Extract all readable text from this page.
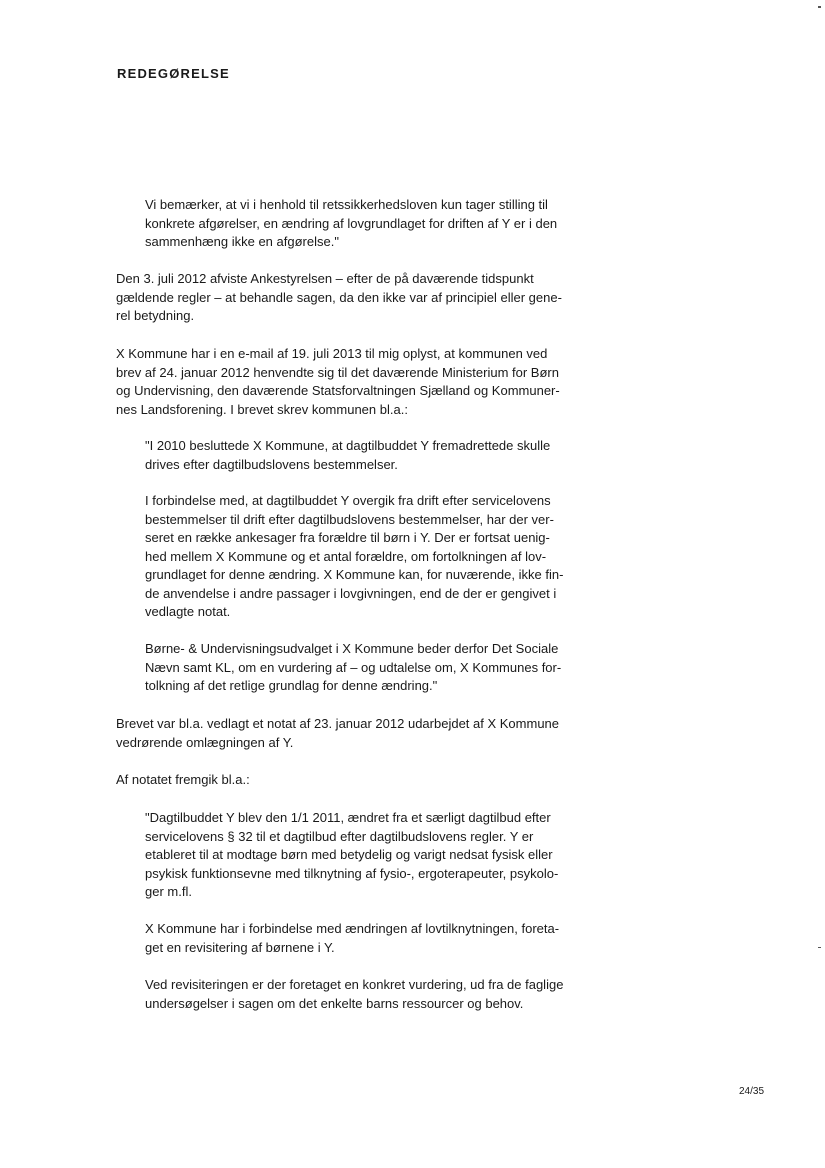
REDEGØRELSE

Vi bemærker, at vi i henhold til retssikkerhedsloven kun tager stilling til
konkrete afgørelser, en ændring af lovgrundlaget for driften af Y er i den
sammenhæng ikke en afgørelse."

Den 3. juli 2012 afviste Ankestyrelsen – efter de på daværende tidspunkt
gældende regler – at behandle sagen, da den ikke var af principiel eller gene-
rel betydning.

X Kommune har i en e-mail af 19. juli 2013 til mig oplyst, at kommunen ved
brev af 24. januar 2012 henvendte sig til det daværende Ministerium for Børn
og Undervisning, den daværende Statsforvaltningen Sjælland og Kommuner-
nes Landsforening. I brevet skrev kommunen bl.a.:

"I 2010 besluttede X Kommune, at dagtilbuddet Y fremadrettede skulle
drives efter dagtilbudslovens bestemmelser.

I forbindelse med, at dagtilbuddet Y overgik fra drift efter servicelovens
bestemmelser til drift efter dagtilbudslovens bestemmelser, har der ver-
seret en række ankesager fra forældre til børn i Y. Der er fortsat uenig-
hed mellem X Kommune og et antal forældre, om fortolkningen af lov-
grundlaget for denne ændring. X Kommune kan, for nuværende, ikke fin-
de anvendelse i andre passager i lovgivningen, end de der er gengivet i
vedlagte notat.

Børne- & Undervisningsudvalget i X Kommune beder derfor Det Sociale
Nævn samt KL, om en vurdering af – og udtalelse om, X Kommunes for-
tolkning af det retlige grundlag for denne ændring."

Brevet var bl.a. vedlagt et notat af 23. januar 2012 udarbejdet af X Kommune
vedrørende omlægningen af Y.

Af notatet fremgik bl.a.:

"Dagtilbuddet Y blev den 1/1 2011, ændret fra et særligt dagtilbud efter
servicelovens § 32 til et dagtilbud efter dagtilbudslovens regler. Y er
etableret til at modtage børn med betydelig og varigt nedsat fysisk eller
psykisk funktionsevne med tilknytning af fysio-, ergoterapeuter, psykolo-
ger m.fl.

X Kommune har i forbindelse med ændringen af lovtilknytningen, foreta-
get en revisitering af børnene i Y.

Ved revisiteringen er der foretaget en konkret vurdering, ud fra de faglige
undersøgelser i sagen om det enkelte barns ressourcer og behov.

24/35
